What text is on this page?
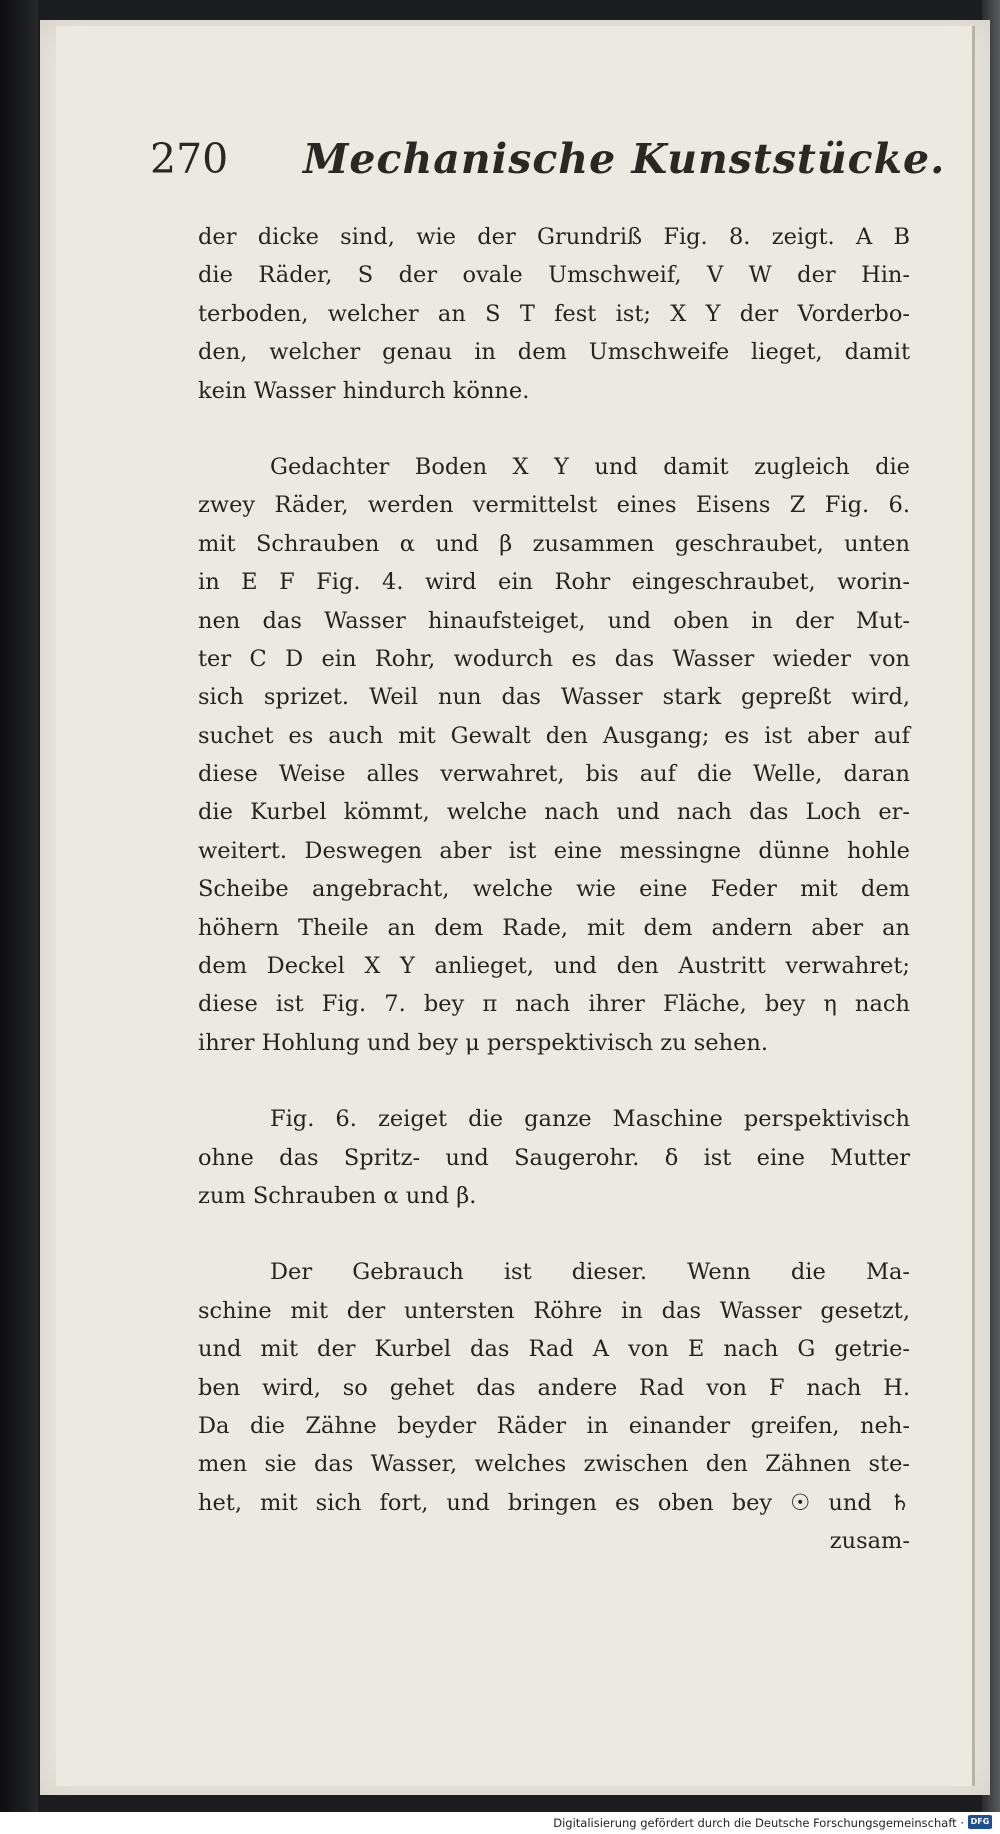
270 Mechanische Kunststücke.
der dicke sind, wie der Grundriß Fig. 8. zeigt. A B
die Räder, S der ovale Umschweif, V W der Hin-
terboden, welcher an S T fest ist; X Y der Vorderbo-
den, welcher genau in dem Umschweife lieget, damit
kein Wasser hindurch könne.
Gedachter Boden X Y und damit zugleich die
zwey Räder, werden vermittelst eines Eisens Z Fig. 6.
mit Schrauben α und β zusammen geschraubet, unten
in E F Fig. 4. wird ein Rohr eingeschraubet, worin-
nen das Wasser hinaufsteiget, und oben in der Mut-
ter C D ein Rohr, wodurch es das Wasser wieder von
sich sprizet. Weil nun das Wasser stark gepreßt wird,
suchet es auch mit Gewalt den Ausgang; es ist aber auf
diese Weise alles verwahret, bis auf die Welle, daran
die Kurbel kömmt, welche nach und nach das Loch er-
weitert. Deswegen aber ist eine messingne dünne hohle
Scheibe angebracht, welche wie eine Feder mit dem
höhern Theile an dem Rade, mit dem andern aber an
dem Deckel X Y anlieget, und den Austritt verwahret;
diese ist Fig. 7. bey π nach ihrer Fläche, bey η nach
ihrer Hohlung und bey μ perspektivisch zu sehen.
Fig. 6. zeiget die ganze Maschine perspektivisch
ohne das Spritz- und Saugerohr. δ ist eine Mutter
zum Schrauben α und β.
Der Gebrauch ist dieser. Wenn die Ma-
schine mit der untersten Röhre in das Wasser gesetzt,
und mit der Kurbel das Rad A von E nach G getrie-
ben wird, so gehet das andere Rad von F nach H.
Da die Zähne beyder Räder in einander greifen, neh-
men sie das Wasser, welches zwischen den Zähnen ste-
het, mit sich fort, und bringen es oben bey ☉ und ♄
zusam-
Digitalisierung gefördert durch die Deutsche Forschungsgemeinschaft · DFG
